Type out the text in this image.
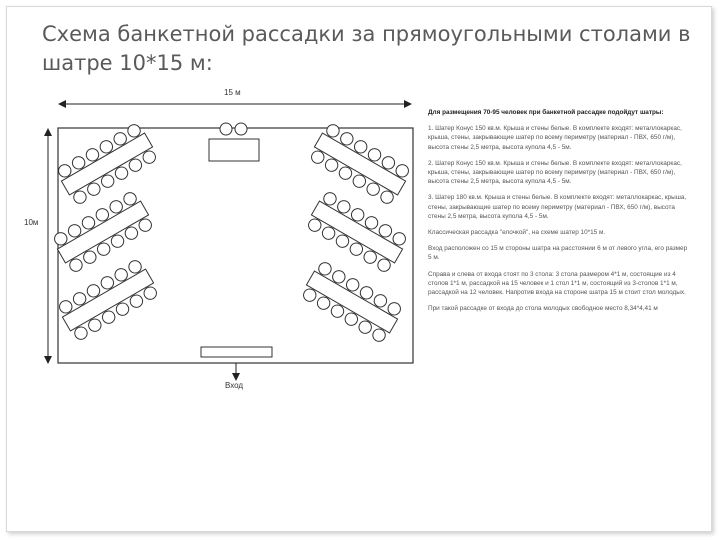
Схема банкетной рассадки за прямоугольными столами в шатре 10*15 м:
15 м
10м
Вход

Для размещения 70-95 человек при банкетной рассадке подойдут шатры:

1. Шатер Конус 150 кв.м. Крыша и стены белые. В комплекте входят: металлокаркас, крыша, стены, закрывающие шатер по всему периметру (материал - ПВХ, 650 г/м), высота стены 2,5 метра, высота купола 4,5 - 5м.

2. Шатер Конус 150 кв.м. Крыша и стены белые. В комплекте входят: металлокаркас, крыша, стены, закрывающие шатер по всему периметру (материал - ПВХ, 650 г/м), высота стены 2,5 метра, высота купола 4,5 - 5м.

3. Шатер 180 кв.м. Крыша и стены белые. В комплекте входят: металлокаркас, крыша, стены, закрывающие шатер по всему периметру (материал - ПВХ, 650 г/м), высота стены 2,5 метра, высота купола 4,5 - 5м.

Классическая рассадка "елочкой", на схеме шатер 10*15 м.

Вход расположен со 15 м стороны шатра на расстоянии 6 м от левого угла, его размер 5 м.

Справа и слева от входа стоят по 3 стола: 3 стола размером 4*1 м, состоящие из 4 столов 1*1 м, рассадкой на 15 человек и 1 стол 1*1 м, состоящий из 3-столов 1*1 м, рассадкой на 12 человек. Напротив входа на стороне шатра 15 м стоит стол молодых.

При такой рассадке от входа до стола молодых свободное место 8,34*4,41 м
